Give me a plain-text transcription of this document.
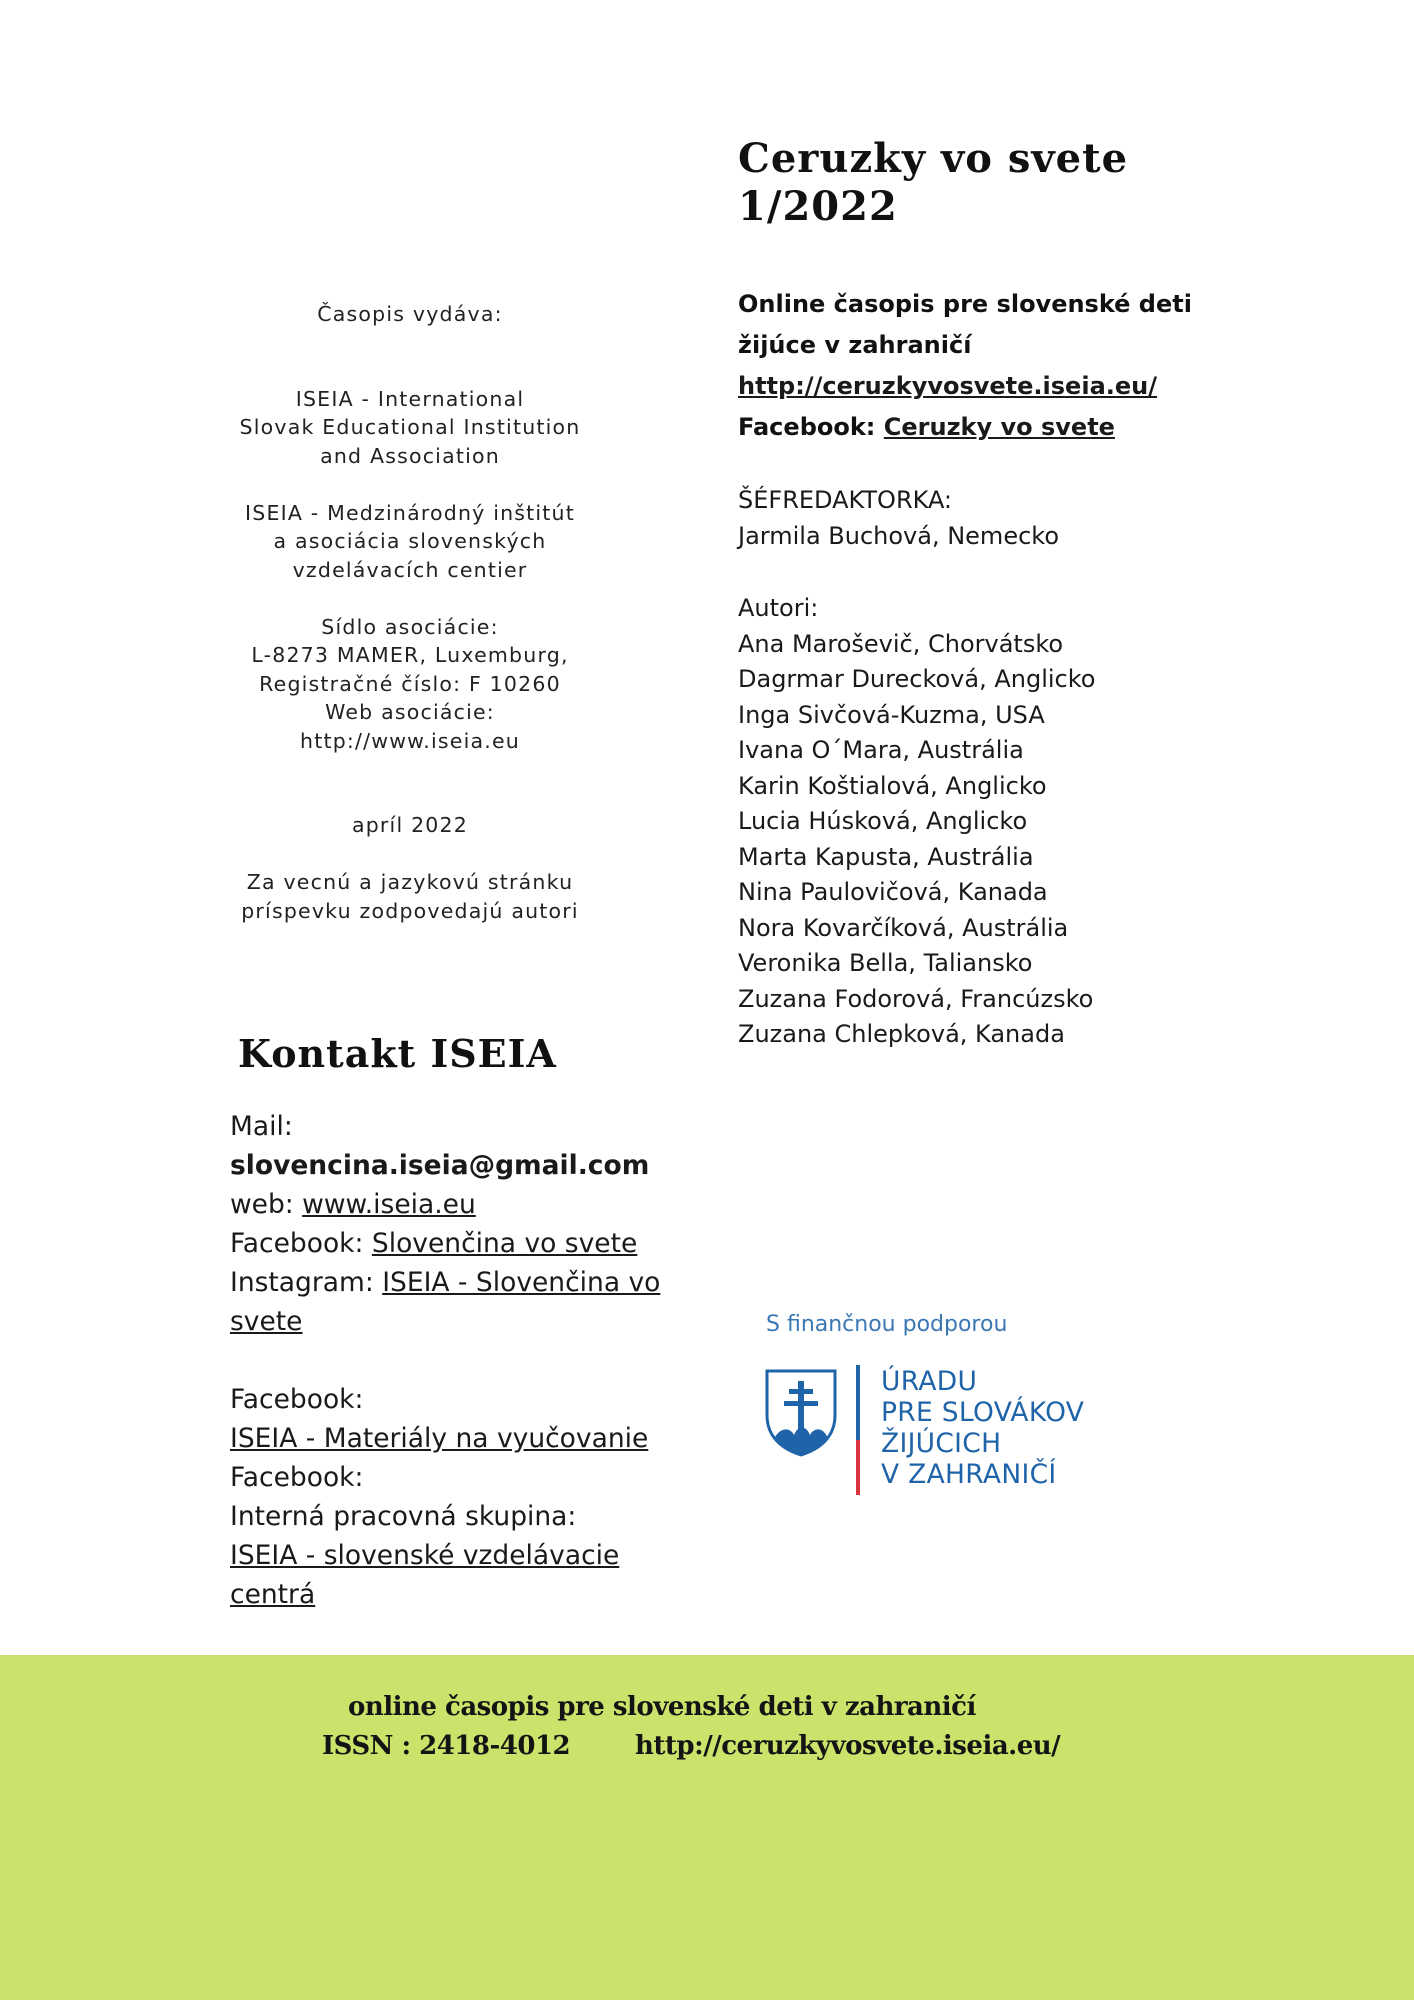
Ceruzky vo svete
1/2022
Online časopis pre slovenské deti
žijúce v zahraničí
http://ceruzkyvosvete.iseia.eu/
Facebook: Ceruzky vo svete
ŠÉFREDAKTORKA:
Jarmila Buchová, Nemecko
Autori:
Ana Maroševič, Chorvátsko
Dagrmar Durecková, Anglicko
Inga Sivčová-Kuzma, USA
Ivana O´Mara, Austrália
Karin Koštialová, Anglicko
Lucia Húsková, Anglicko
Marta Kapusta, Austrália
Nina Paulovičová, Kanada
Nora Kovarčíková, Austrália
Veronika Bella, Taliansko
Zuzana Fodorová, Francúzsko
Zuzana Chlepková, Kanada
Časopis vydáva:
ISEIA - International
Slovak Educational Institution
and Association
ISEIA - Medzinárodný inštitút
a asociácia slovenských
vzdelávacích centier
Sídlo asociácie:
L-8273 MAMER, Luxemburg,
Registračné číslo: F 10260
Web asociácie:
http://www.iseia.eu
apríl 2022
Za vecnú a jazykovú stránku
príspevku zodpovedajú autori
Kontakt ISEIA
Mail:
slovencina.iseia@gmail.com
web: www.iseia.eu
Facebook: Slovenčina vo svete
Instagram: ISEIA - Slovenčina vo
svete
Facebook:
ISEIA - Materiály na vyučovanie
Facebook:
Interná pracovná skupina:
ISEIA - slovenské vzdelávacie
centrá
S finančnou podporou
ÚRADU
PRE SLOVÁKOV
ŽIJÚCICH
V ZAHRANIČÍ
online časopis pre slovenské deti v zahraničí
ISSN : 2418-4012 http://ceruzkyvosvete.iseia.eu/
